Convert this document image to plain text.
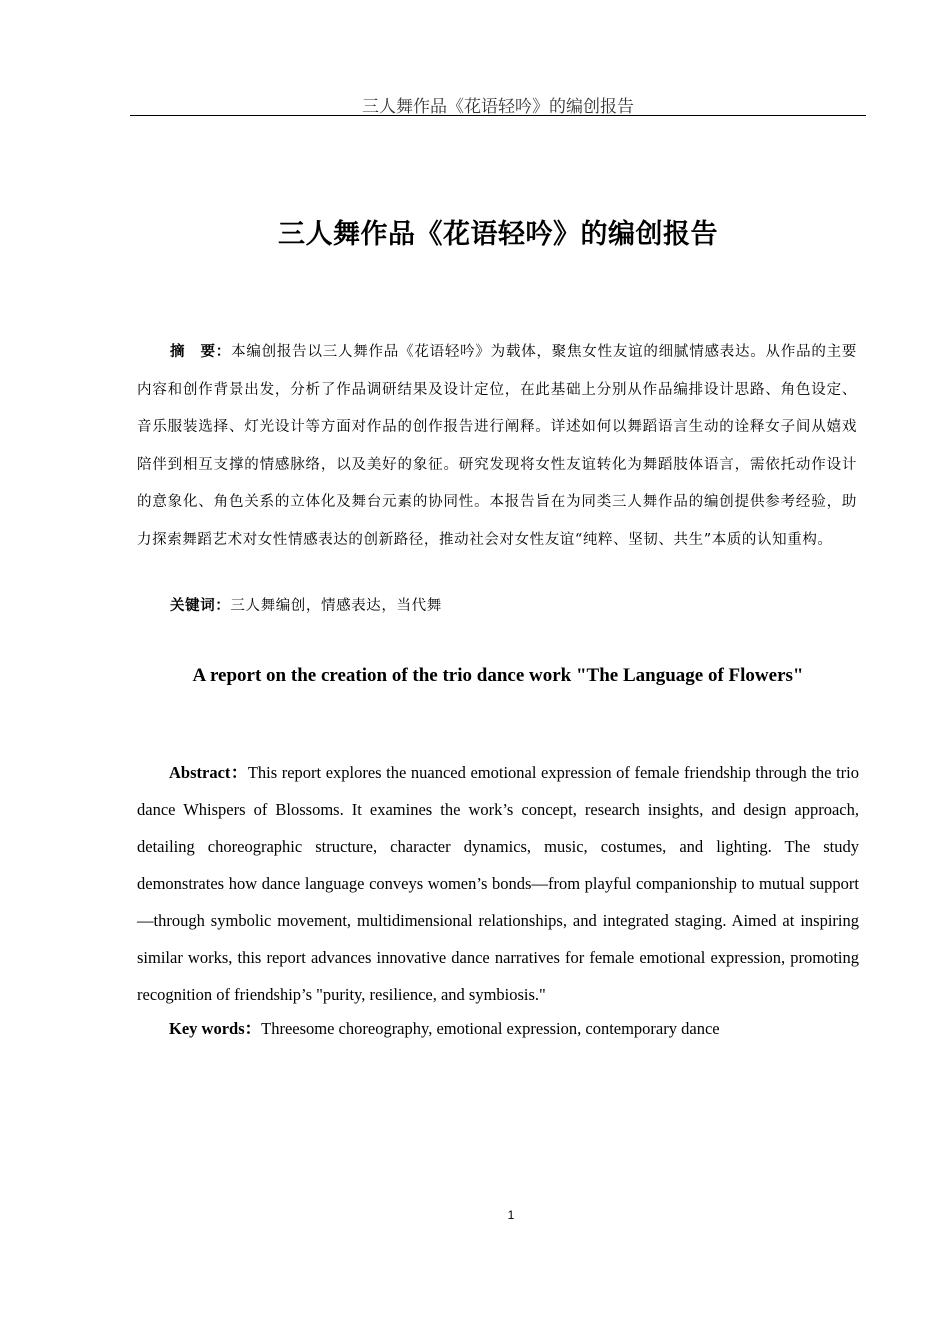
三人舞作品《花语轻吟》的编创报告
三人舞作品《花语轻吟》的编创报告

摘　要：本编创报告以三人舞作品《花语轻吟》为载体，聚焦女性友谊的细腻情感表达。从作品的主要内容和创作背景出发，分析了作品调研结果及设计定位，在此基础上分别从作品编排设计思路、角色设定、音乐服装选择、灯光设计等方面对作品的创作报告进行阐释。详述如何以舞蹈语言生动的诠释女子间从嬉戏陪伴到相互支撑的情感脉络，以及美好的象征。研究发现将女性友谊转化为舞蹈肢体语言，需依托动作设计的意象化、角色关系的立体化及舞台元素的协同性。本报告旨在为同类三人舞作品的编创提供参考经验，助力探索舞蹈艺术对女性情感表达的创新路径，推动社会对女性友谊“纯粹、坚韧、共生”本质的认知重构。

关键词：三人舞编创，情感表达，当代舞

A report on the creation of the trio dance work "The Language of Flowers"

Abstract：This report explores the nuanced emotional expression of female friendship through the trio dance Whispers of Blossoms. It examines the work’s concept, research insights, and design approach, detailing choreographic structure, character dynamics, music, costumes, and lighting. The study demonstrates how dance language conveys women’s bonds—from playful companionship to mutual support—through symbolic movement, multidimensional relationships, and integrated staging. Aimed at inspiring similar works, this report advances innovative dance narratives for female emotional expression, promoting recognition of friendship’s "purity, resilience, and symbiosis."

Key words：Threesome choreography, emotional expression, contemporary dance

1
